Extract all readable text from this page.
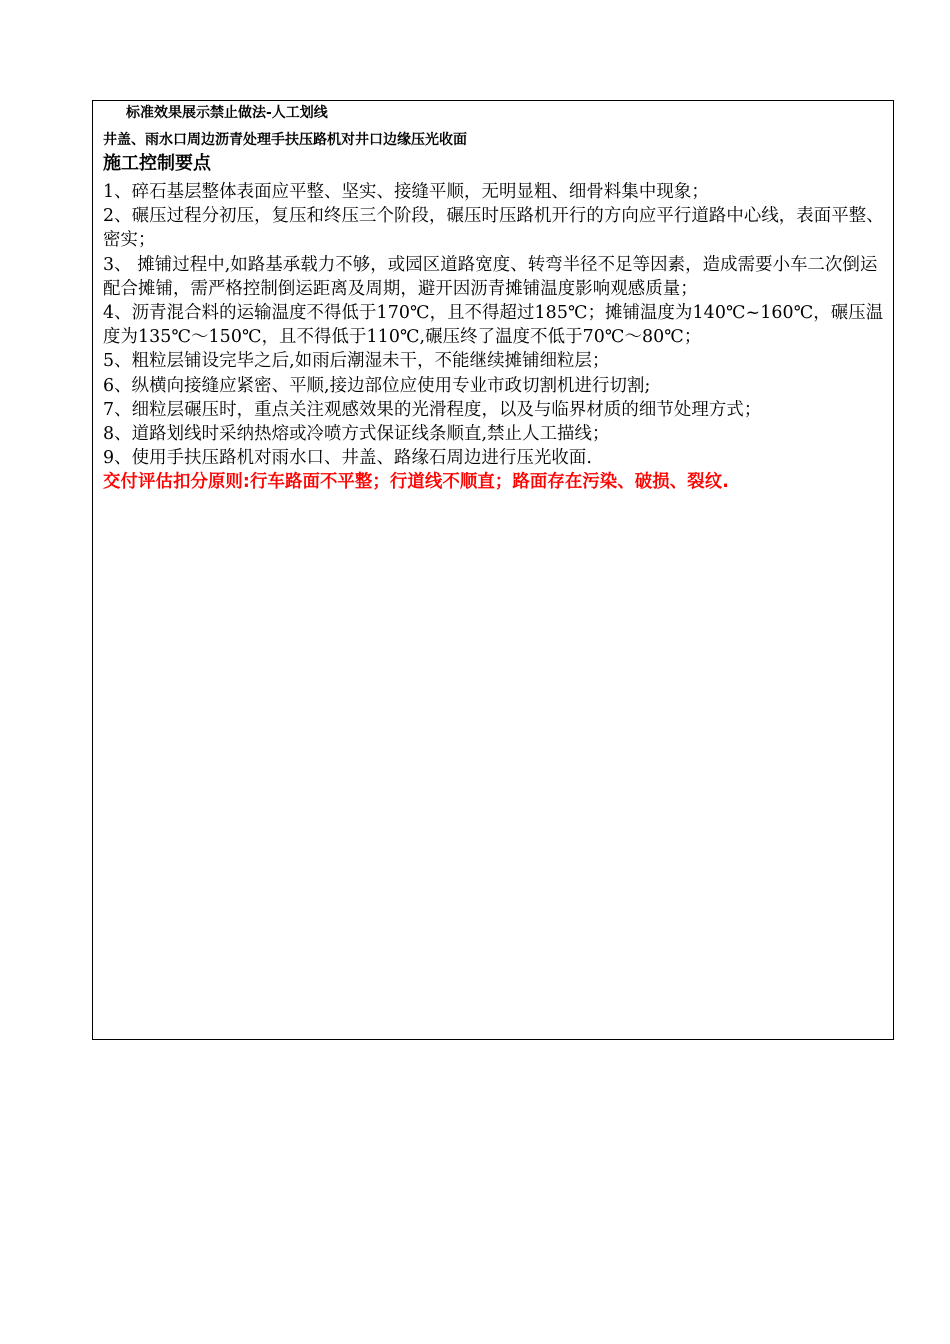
标准效果展示禁止做法-人工划线
井盖、雨水口周边沥青处理手扶压路机对井口边缘压光收面
施工控制要点
1、碎石基层整体表面应平整、坚实、接缝平顺，无明显粗、细骨料集中现象；
2、碾压过程分初压，复压和终压三个阶段，碾压时压路机开行的方向应平行道路中心线，表面平整、密实；
3、 摊铺过程中,如路基承载力不够，或园区道路宽度、转弯半径不足等因素，造成需要小车二次倒运配合摊铺，需严格控制倒运距离及周期，避开因沥青摊铺温度影响观感质量；
4、沥青混合料的运输温度不得低于170℃，且不得超过185℃；摊铺温度为140℃~160℃，碾压温度为135℃～150℃，且不得低于110℃,碾压终了温度不低于70℃～80℃；
5、粗粒层铺设完毕之后,如雨后潮湿未干，不能继续摊铺细粒层；
6、纵横向接缝应紧密、平顺,接边部位应使用专业市政切割机进行切割;
7、细粒层碾压时，重点关注观感效果的光滑程度，以及与临界材质的细节处理方式；
8、道路划线时采纳热熔或冷喷方式保证线条顺直,禁止人工描线；
9、使用手扶压路机对雨水口、井盖、路缘石周边进行压光收面.
交付评估扣分原则:行车路面不平整；行道线不顺直；路面存在污染、破损、裂纹.
